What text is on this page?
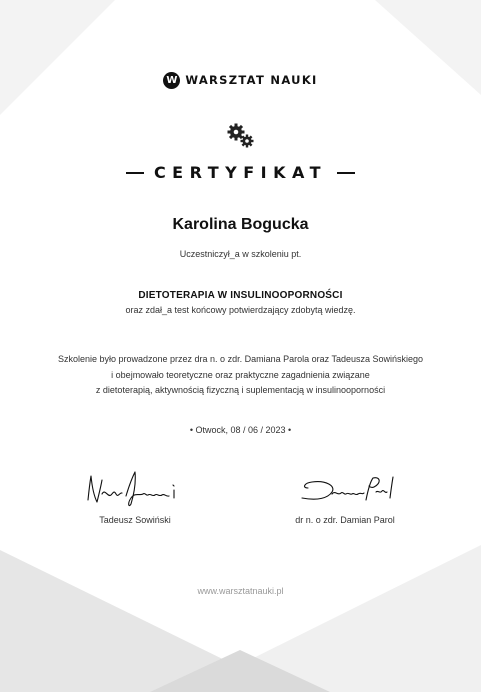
W WARSZTAT NAUKI
CERTYFIKAT
Karolina Bogucka
Uczestniczył_a w szkoleniu pt.
DIETOTERAPIA W INSULINOOPORNOŚCI
oraz zdał_a test końcowy potwierdzający zdobytą wiedzę.
Szkolenie było prowadzone przez dra n. o zdr. Damiana Parola oraz Tadeusza Sowińskiego
i obejmowało teoretyczne oraz praktyczne zagadnienia związane
z dietoterapią, aktywnością fizyczną i suplementacją w insulinooporności
• Otwock, 08 / 06 / 2023 •
Tadeusz Sowiński	dr n. o zdr. Damian Parol
www.warsztatnauki.pl
